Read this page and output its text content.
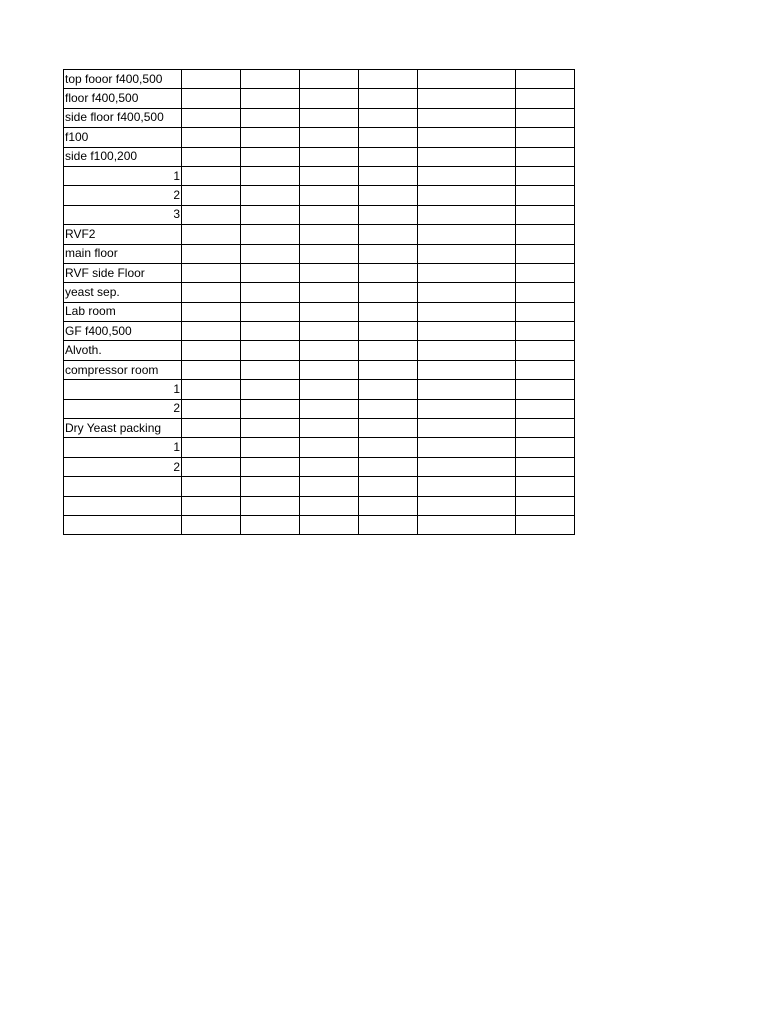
top fooor f400,500						
floor f400,500						
side floor f400,500						
f100						
side f100,200						
1						
2						
3						
RVF2						
main floor						
RVF side Floor						
yeast sep.						
Lab room						
GF f400,500						
Alvoth.						
compressor room						
1						
2						
Dry Yeast packing						
1						
2						
